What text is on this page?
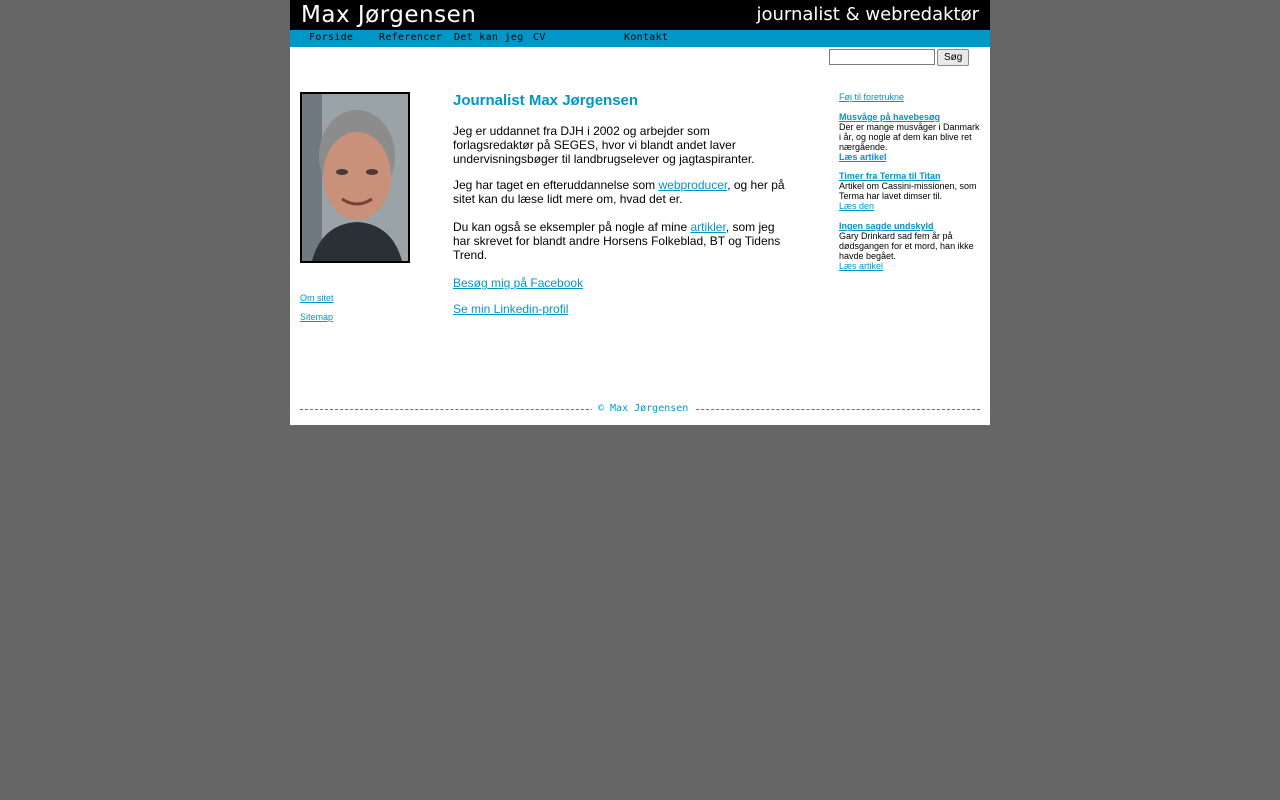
Max Jørgensen	journalist & webredaktør
Forside	Referencer Det kan jeg CV	Kontakt
Søg
Om sitet
Sitemap
Journalist Max Jørgensen

Jeg er uddannet fra DJH i 2002 og arbejder som forlagsredaktør på SEGES, hvor vi blandt andet laver undervisningsbøger til landbrugselever og jagtaspiranter.

Jeg har taget en efteruddannelse som webproducer, og her på sitet kan du læse lidt mere om, hvad det er.

Du kan også se eksempler på nogle af mine artikler, som jeg har skrevet for blandt andre Horsens Folkeblad, BT og Tidens Trend.

Besøg mig på Facebook

Se min Linkedin-profil

Føj til foretrukne
Musvåge på havebesøg
Der er mange musvåger i Danmark i år, og nogle af dem kan blive ret nærgående.
Læs artikel
Timer fra Terma til Titan
Artikel om Cassini-missionen, som Terma har lavet dimser til.
Læs den
Ingen sagde undskyld
Gary Drinkard sad fem år på dødsgangen for et mord, han ikke havde begået.
Læs artikel
© Max Jørgensen
